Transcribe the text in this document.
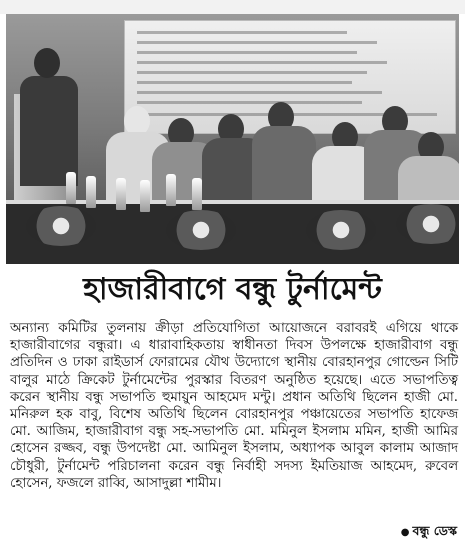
হাজারীবাগে বন্ধু টুর্নামেন্ট
অন্যান্য কমিটির তুলনায় ক্রীড়া প্রতিযোগিতা আয়োজনে বরাবরই এগিয়ে থাকে হাজারীবাগের বন্ধুরা। এ ধারাবাহিকতায় স্বাধীনতা দিবস উপলক্ষে হাজারীবাগ বন্ধু প্রতিদিন ও ঢাকা রাইডার্স ফোরামের যৌথ উদ্যোগে স্থানীয় বোরহানপুর গোল্ডেন সিটি বালুর মাঠে ক্রিকেট টুর্নামেন্টের পুরস্কার বিতরণ অনুষ্ঠিত হয়েছে। এতে সভাপতিত্ব করেন স্থানীয় বন্ধু সভাপতি হুমায়ুন আহমেদ মন্টু। প্রধান অতিথি ছিলেন হাজী মো. মনিরুল হক বাবু, বিশেষ অতিথি ছিলেন বোরহানপুর পঞ্চায়েতের সভাপতি হাফেজ মো. আজিম, হাজারীবাগ বন্ধু সহ-সভাপতি মো. মমিনুল ইসলাম মমিন, হাজী আমির হোসেন রজ্জব, বন্ধু উপদেষ্টা মো. আমিনুল ইসলাম, অধ্যাপক আবুল কালাম আজাদ চৌধুরী, টুর্নামেন্ট পরিচালনা করেন বন্ধু নির্বাহী সদস্য ইমতিয়াজ আহমেদ, রুবেল হোসেন, ফজলে রাব্বি, আসাদুল্লা শামীম।
● বন্ধু ডেস্ক
